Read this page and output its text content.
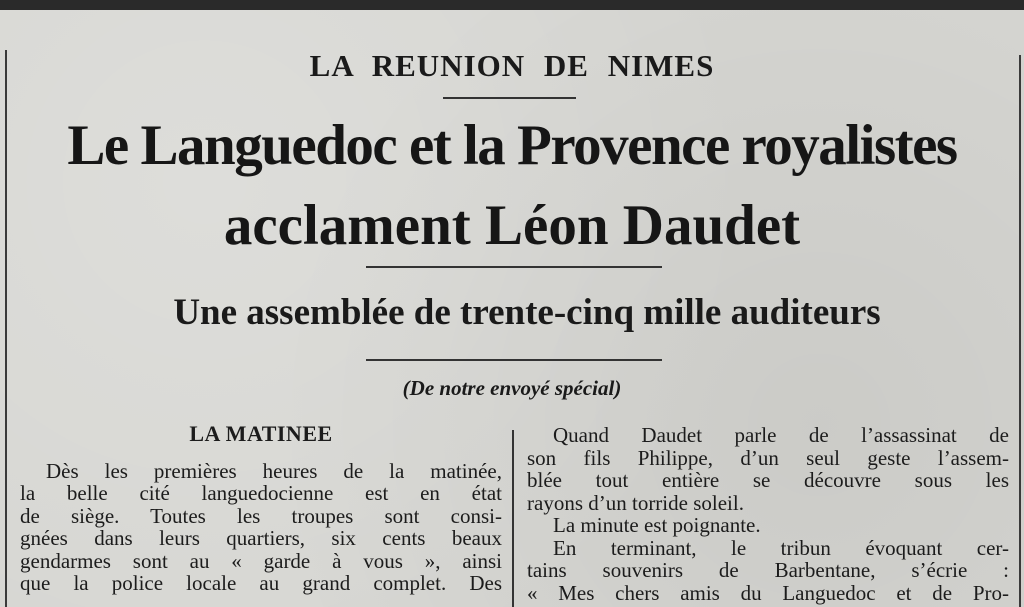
LA REUNION DE NIMES
Le Languedoc et la Provence royalistes
acclament Léon Daudet
Une assemblée de trente-cinq mille auditeurs
(De notre envoyé spécial)
LA MATINEE
Dès les premières heures de la matinée,
la belle cité languedocienne est en état
de siège. Toutes les troupes sont consi-
gnées dans leurs quartiers, six cents beaux
gendarmes sont au « garde à vous », ainsi
que la police locale au grand complet. Des
Quand Daudet parle de l’assassinat de
son fils Philippe, d’un seul geste l’assem-
blée tout entière se découvre sous les
rayons d’un torride soleil.
La minute est poignante.
En terminant, le tribun évoquant cer-
tains souvenirs de Barbentane, s’écrie :
« Mes chers amis du Languedoc et de Pro-
